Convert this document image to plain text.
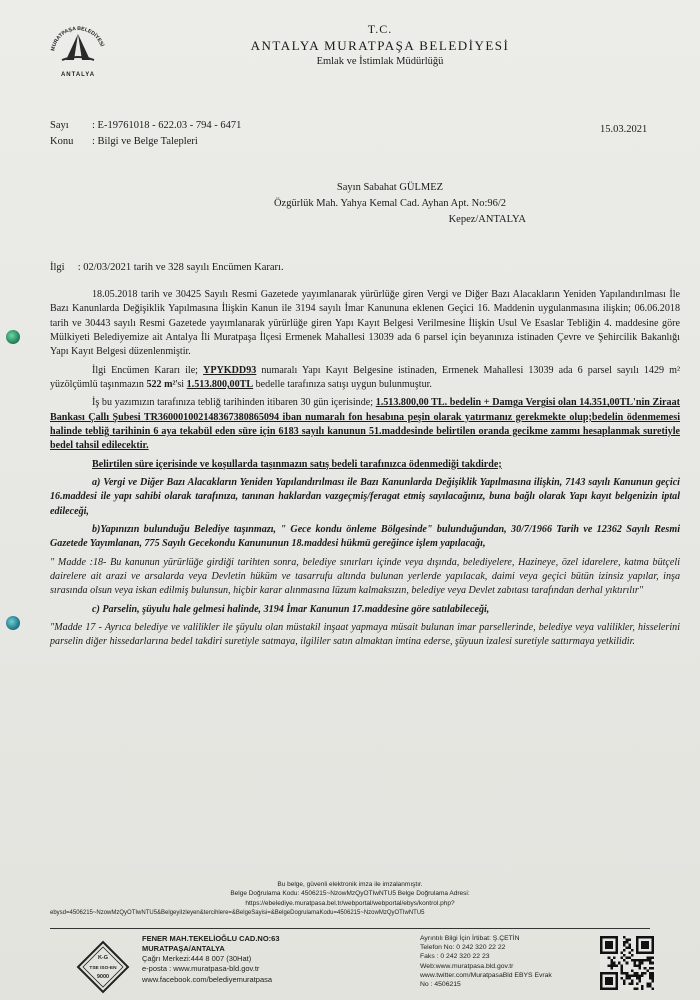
MURATPAŞA BELEDİYESİ
ANTALYA
T.C.
ANTALYA MURATPAŞA BELEDİYESİ
Emlak ve İstimlak Müdürlüğü
Sayı : E-19761018 - 622.03 - 794 - 6471
Konu : Bilgi ve Belge Talepleri
15.03.2021
Sayın Sabahat GÜLMEZ
Özgürlük Mah. Yahya Kemal Cad. Ayhan Apt. No:96/2
Kepez/ANTALYA
İlgi : 02/03/2021 tarih ve 328 sayılı Encümen Kararı.

18.05.2018 tarih ve 30425 Sayılı Resmi Gazetede yayımlanarak yürürlüğe giren Vergi ve Diğer Bazı Alacakların Yeniden Yapılandırılması İle Bazı Kanunlarda Değişiklik Yapılmasına İlişkin Kanun ile 3194 sayılı İmar Kanununa eklenen Geçici 16. Maddenin uygulanmasına ilişkin; 06.06.2018 tarih ve 30443 sayılı Resmi Gazetede yayımlanarak yürürlüğe giren Yapı Kayıt Belgesi Verilmesine İlişkin Usul Ve Esaslar Tebliğin 4. maddesine göre Mülkiyeti Belediyemize ait Antalya İli Muratpaşa İlçesi Ermenek Mahallesi 13039 ada 6 parsel için beyanınıza istinaden Çevre ve Şehircilik Bakanlığı Yapı Kayıt Belgesi düzenlenmiştir.

İlgi Encümen Kararı ile; YPYKDD93 numaralı Yapı Kayıt Belgesine istinaden, Ermenek Mahallesi 13039 ada 6 parsel sayılı 1429 m² yüzölçümlü taşınmazın 522 m²'si 1.513.800,00TL bedelle tarafınıza satışı uygun bulunmuştur.

İş bu yazımızın tarafınıza tebliğ tarihinden itibaren 30 gün içerisinde; 1.513.800,00 TL. bedelin + Damga Vergisi olan 14.351,00TL'nin Ziraat Bankası Çallı Şubesi TR360001002148367380865094 iban numaralı fon hesabına peşin olarak yatırmanız gerekmekte olup;bedelin ödenmemesi halinde tebliğ tarihinin 6 aya tekabül eden süre için 6183 sayılı kanunun 51.maddesinde belirtilen oranda gecikme zammı hesaplanmak suretiyle bedel tahsil edilecektir.

Belirtilen süre içerisinde ve koşullarda taşınmazın satış bedeli tarafınızca ödenmediği takdirde;

a) Vergi ve Diğer Bazı Alacakların Yeniden Yapılandırılması ile Bazı Kanunlarda Değişiklik Yapılmasına ilişkin, 7143 sayılı Kanunun geçici 16.maddesi ile yapı sahibi olarak tarafınıza, tanınan haklardan vazgeçmiş/feragat etmiş sayılacağınız, buna bağlı olarak Yapı kayıt belgenizin iptal edileceği,

b)Yapınızın bulunduğu Belediye taşınmazı, " Gece kondu önleme Bölgesinde" bulunduğundan, 30/7/1966 Tarih ve 12362 Sayılı Resmi Gazetede Yayımlanan, 775 Sayılı Gecekondu Kanununun 18.maddesi hükmü gereğince işlem yapılacağı,

" Madde :18- Bu kanunun yürürlüğe girdiği tarihten sonra, belediye sınırları içinde veya dışında, belediyelere, Hazineye, özel idarelere, katma bütçeli dairelere ait arazi ve arsalarda veya Devletin hüküm ve tasarrufu altında bulunan yerlerde yapılacak, daimi veya geçici bütün izinsiz yapılar, inşa sırasında olsun veya iskan edilmiş bulunsun, hiçbir karar alınmasına lüzum kalmaksızın, belediye veya Devlet zabıtası tarafından derhal yıktırılır"

c) Parselin, şüyulu hale gelmesi halinde, 3194 İmar Kanunun 17.maddesine göre satılabileceği,

"Madde 17 - Ayrıca belediye ve valilikler ile şüyulu olan müstakil inşaat yapmaya müsait bulunan imar parsellerinde, belediye veya valilikler, hisselerini parselin diğer hissedarlarına bedel takdiri suretiyle satmaya, ilgililer satın almaktan imtina ederse, şüyuun izalesi suretiyle sattırmaya yetkilidir.

Bu belge, güvenli elektronik imza ile imzalanmıştır.
Belge Doğrulama Kodu: 4506215~NzowMzQyOTIwNTU5 Belge Doğrulama Adresi:
https://ebelediye.muratpasa.bel.tr/webportal/webportal/ebys/kontrol.php?
ebysd=4506215~NzowMzQyOTIwNTU5&BelgeyiIzleyen&tercihlere=&BelgeSayisi=&BelgeDogrulamaKodu=4506215~NzowMzQyOTIwNTU5
K-G
TSE ISO-EN
9000
FENER MAH.TEKELİOĞLU CAD.NO:63
MURATPAŞA/ANTALYA
Çağrı Merkezi:444 8 007 (30Hat)
e-posta : www.muratpasa-bld.gov.tr
www.facebook.com/belediyemuratpasa
Ayrıntılı Bilgi İçin İrtibat: Ş.ÇETİN
Telefon No: 0 242 320 22 22
Faks : 0 242 320 22 23
Web:www.muratpasa.bld.gov.tr
www.twitter.com/MuratpasaBld EBYS Evrak
No : 4506215
